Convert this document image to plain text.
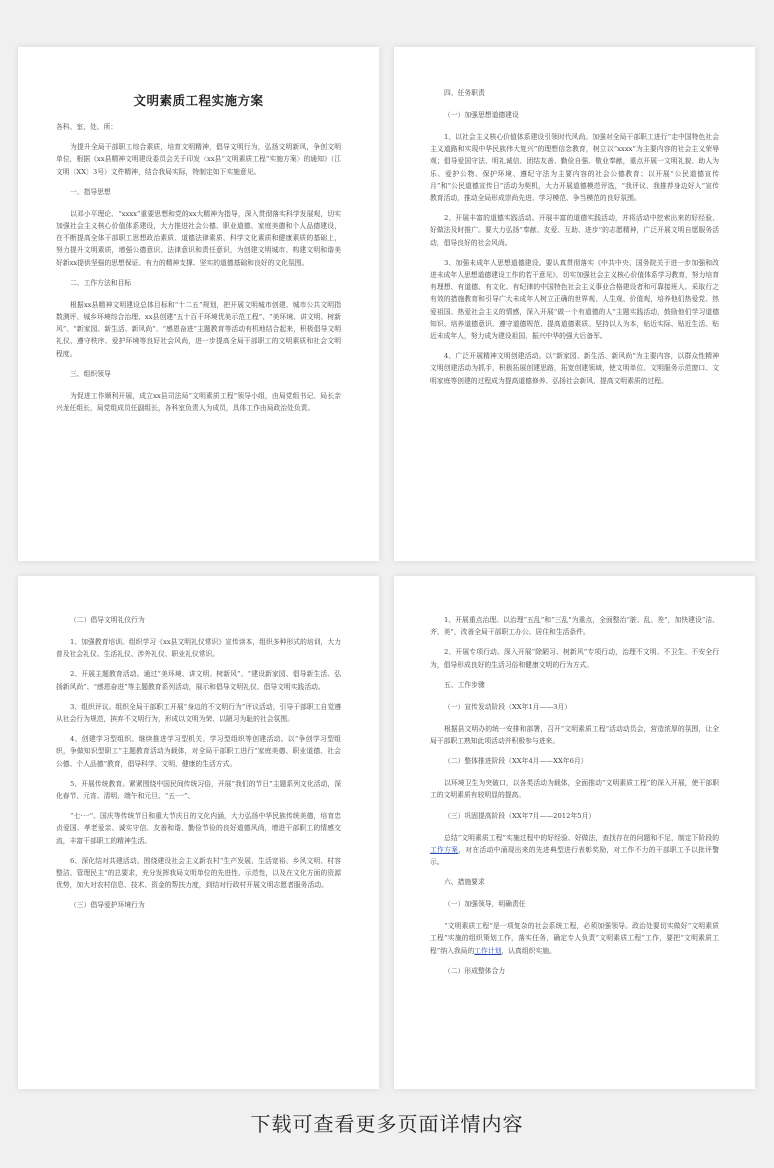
文明素质工程实施方案

各科、室、处、所：

为提升全局干部职工综合素质，培育文明精神，倡导文明行为，弘扬文明新风，争创文明单位，根据《xx县精神文明建设委员会关于印发〈xx县“文明素质工程”实施方案〉的通知》（江文明〔XX〕3号）文件精神，结合我局实际，特制定如下实施意见。

一、指导思想

以邓小平理论、“xxxx”重要思想和党的xx大精神为指导，深入贯彻落实科学发展观，切实加强社会主义核心价值体系建设，大力推进社会公德、职业道德、家庭美德和个人品德建设，在不断提高全体干部职工思想政治素质、道德法律素质、科学文化素质和健康素质的基础上，努力提升文明素质，增强公德意识、法律意识和责任意识，为创建文明城市、构建文明和谐美好新xx提供坚强的思想保证、有力的精神支撑、坚实的道德基础和良好的文化氛围。

二、工作方法和目标

根据xx县精神文明建设总体目标和“十二五”规划，把开展文明城市创建、城市公共文明指数测评、城乡环境综合治理、xx县创建“五十百千环境优美示范工程”、“美环境、讲文明、树新风”、“新家园、新生活、新风尚”、“感恩奋进”主题教育等活动有机地结合起来，积极倡导文明礼仪、遵守秩序、爱护环境等良好社会风尚，进一步提高全局干部职工的文明素质和社会文明程度。

三、组织领导

为促进工作顺利开展，成立xx县司法局“文明素质工程”领导小组，由局党组书记、局长亲兴龙任组长，局党组成员任副组长，各科室负责人为成员，具体工作由局政治处负责。

四、任务职责

（一）加强思想道德建设

1、以社会主义核心价值体系建设引领时代风尚。加强对全局干部职工进行“走中国特色社会主义道路和实现中华民族伟大复兴”的理想信念教育，树立以“xxxx”为主要内容的社会主义荣辱观；倡导爱国守法、明礼诚信、团结友善、勤俭自强、敬业奉献，重点开展一文明礼貌、助人为乐、爱护公物、保护环境、遵纪守法为主要内容的社会公德教育；以开展“公民道德宣传月”和“公民道德宣传日”活动为契机，大力开展道德模范评选，“我评议、我推荐身边好人”宣传教育活动，推动全局形成崇尚先进、学习模范、争当模范的良好氛围。

2、开展丰富的道德实践活动。开展丰富的道德实践活动，并将活动中挖索出来的好经验、好做法及时推广。要大力弘扬“奉献、友爱、互助、进步”的志愿精神，广泛开展文明自愿服务活动，倡导良好的社会风尚。

3、加强未成年人思想道德建设。要认真贯彻落实《中共中央、国务院关于进一步加强和改进未成年人思想道德建设工作的若干意见》，切实加强社会主义核心价值体系学习教育，努力培育有理想、有道德、有文化、有纪律的中国特色社会主义事业合格建设者和可靠接班人。采取行之有效的措施教育和引导广大未成年人树立正确的世界观、人生观、价值观，培养他们热爱党、热爱祖国、热爱社会主义的情感，深入开展“做一个有道德的人”主题实践活动，鼓励他们学习道德知识、培养道德意识、遵守道德规范、提高道德素质。坚持以人为本，贴近实际、贴近生活、贴近未成年人，努力成为建设祖国、振兴中华的强大后备军。

4、广泛开展精神文明创建活动。以“新家园、新生活、新风尚”为主要内容，以群众性精神文明创建活动为抓手，积极拓展创建思路，拓宽创建领域，使文明单位、文明服务示范窗口、文明家庭等创建的过程成为提高道德修养、弘扬社会新风、提高文明素质的过程。

（二）倡导文明礼仪行为

1、加强教育培训。组织学习《xx县文明礼仪常识》宣传读本，组织多种形式的培训，大力普及社会礼仪、生活礼仪、涉外礼仪、职业礼仪常识。

2、开展主题教育活动。通过“美环境、讲文明、树新风”、“建设新家园、倡导新生活、弘扬新风尚”、“感恩奋进”等主题教育系列活动，展示和倡导文明礼仪、倡导文明实践活动。

3、组织评议。组织全局干部职工开展“身边的不文明行为”评议活动，引导干部职工自觉遵从社会行为规范，摈弃不文明行为，形成以文明为荣、以陋习为耻的社会氛围。

4、创建学习型组织。继续推进学习型机关、学习型组织等创建活动。以“争创学习型组织，争做知识型职工”主题教育活动为载体，对全局干部职工进行“家庭美德、职业道德、社会公德、个人品德”教育，倡导科学、文明、健康的生活方式。

5、开展传统教育。紧紧围绕中国民间传统习俗，开展“我们的节日”主题系列文化活动，深化春节、元宵、清明、端午和元旦、“五·一”、

“七·一”、国庆等传统节日和重大节庆日的文化内涵，大力弘扬中华民族传统美德，培育忠贞爱国、孝老爱亲、诚实守信、友善和谐、勤俭节俭的良好道德风尚，增进干部职工的情感交流，丰富干部职工的精神生活。

6、深化结对共建活动。围绕建设社会主义新农村“生产发展、生活宽裕、乡风文明、村容整洁、管理民主”的总要求，充分发挥我局文明单位的先进性、示范性，以及在文化方面的资源优势，加大对农村信息、技术、资金的帮扶力度，到结对行政村开展文明志愿者服务活动。

（三）倡导爱护环境行为

1、开展重点治理。以治理“五乱”和“三乱”为重点，全面整治“脏、乱、差”，加快建设“洁、齐、美”，改善全局干部职工办公、居住和生活条件。

2、开展专项行动。深入开展“除陋习、树新风”专项行动，治理不文明、不卫生、不安全行为，倡导形成良好的生活习俗和健康文明的行为方式。

五、工作步骤

（一）宣传发动阶段（XX年1月——3月）

根据县文明办的统一安排和部署，召开“文明素质工程“活动动员会，营造浓厚的氛围，让全局干部职工熟知此项活动并积极参与进来。

（二）整体推进阶段（XX年4月——XX年6月）

以环境卫生为突破口，以各类活动为载体，全面推动“文明素质工程”的深入开展，使干部职工的文明素质有较明显的提高。

（三）巩固提高阶段（XX年7月——2012年5月）

总结“文明素质工程”实施过程中的好经验、好做法，查找存在的问题和不足，制定下阶段的工作方案，对在活动中涌现出来的先进典型进行表彰奖励，对工作不力的干部职工予以批评警示。

六、措施要求

（一）加强领导，明确责任

“文明素质工程”是一项复杂的社会系统工程，必须加强领导。政治处要切实做好“文明素质工程”实施的组织策划工作，落实任务，确定专人负责“文明素质工程”工作，要把“文明素质工程”纳入我局的工作计划，认真组织实施。

（二）形成整体合力

下载可查看更多页面详情内容
